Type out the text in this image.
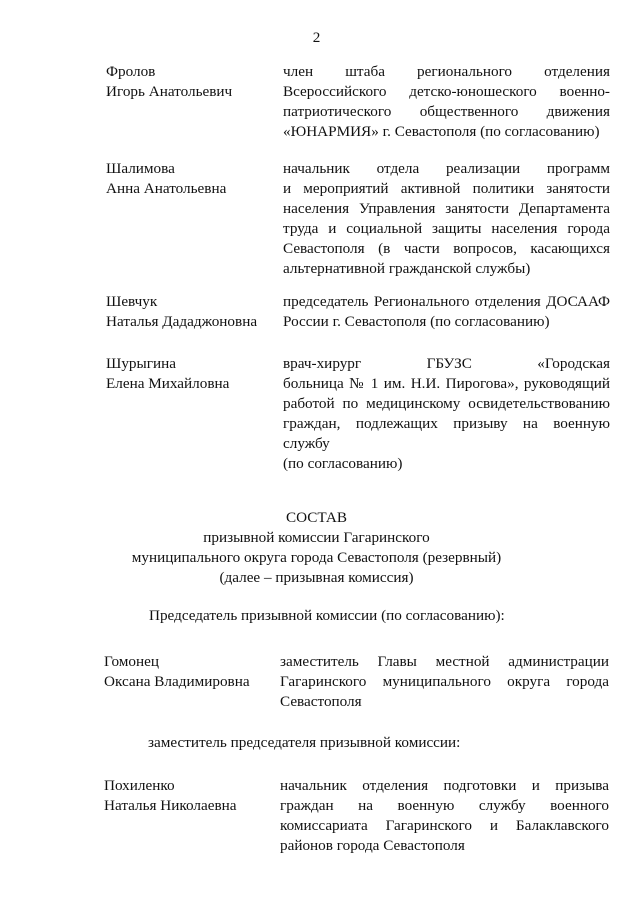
2
Фролов
Игорь Анатольевич
член штаба регионального отделения
Всероссийского детско-юношеского военно-
патриотического общественного движения
«ЮНАРМИЯ» г. Севастополя (по согласованию)
Шалимова
Анна Анатольевна
начальник отдела реализации программ
и мероприятий активной политики занятости
населения Управления занятости Департамента
труда и социальной защиты населения города
Севастополя (в части вопросов, касающихся
альтернативной гражданской службы)
Шевчук
Наталья Дададжоновна
председатель Регионального отделения ДОСААФ
России г. Севастополя (по согласованию)
Шурыгина
Елена Михайловна
врач-хирург ГБУЗС «Городская
больница № 1 им. Н.И. Пирогова», руководящий
работой по медицинскому освидетельствованию
граждан, подлежащих призыву на военную службу
(по согласованию)
СОСТАВ
призывной комиссии Гагаринского
муниципального округа города Севастополя (резервный)
(далее – призывная комиссия)
Председатель призывной комиссии (по согласованию):
Гомонец
Оксана Владимировна
заместитель Главы местной администрации
Гагаринского муниципального округа города
Севастополя
заместитель председателя призывной комиссии:
Похиленко
Наталья Николаевна
начальник отделения подготовки и призыва
граждан на военную службу военного
комиссариата Гагаринского и Балаклавского
районов города Севастополя
